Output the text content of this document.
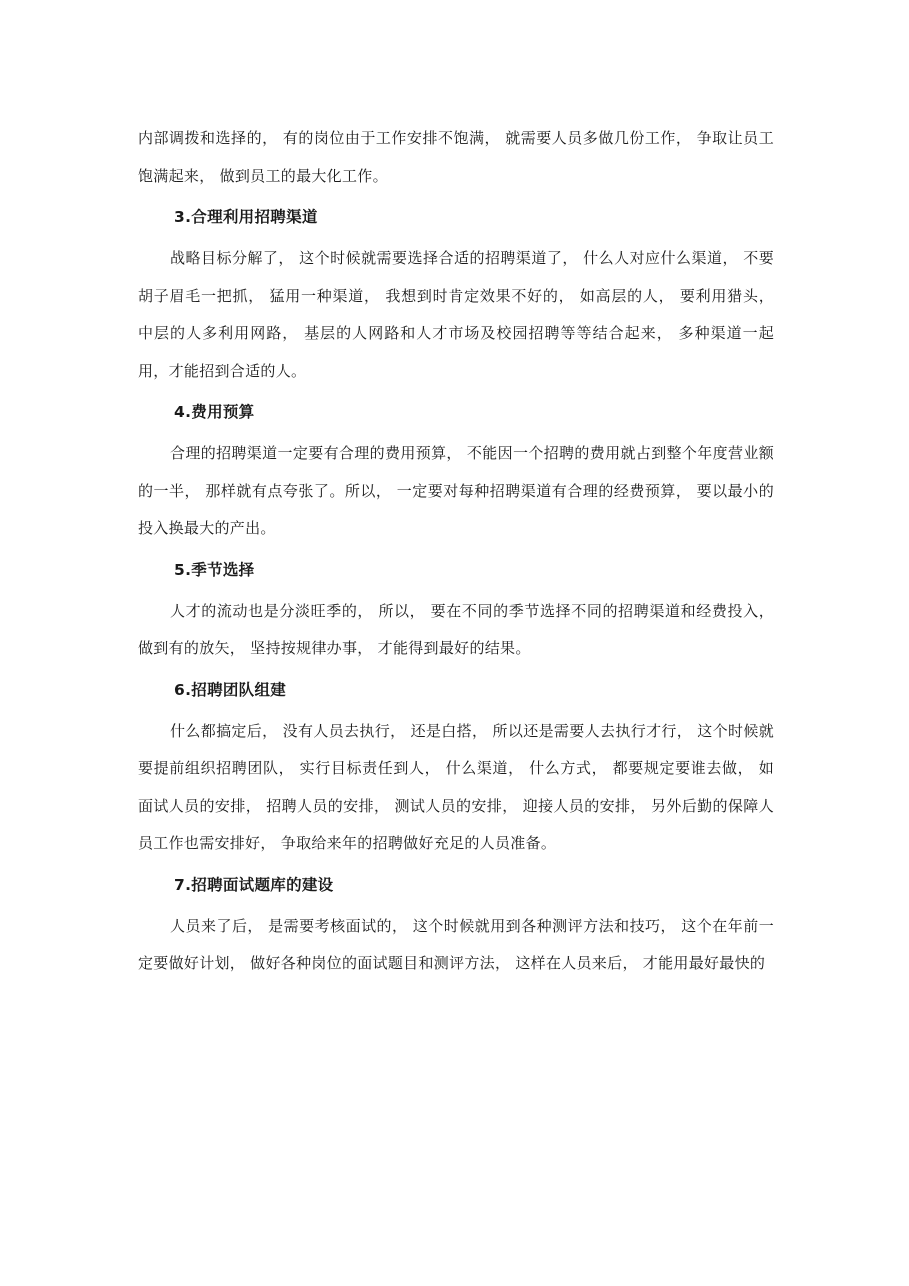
内部调拨和选择的， 有的岗位由于工作安排不饱满， 就需要人员多做几份工作， 争取让员工饱满起来， 做到员工的最大化工作。

3.合理利用招聘渠道

战略目标分解了， 这个时候就需要选择合适的招聘渠道了， 什么人对应什么渠道， 不要胡子眉毛一把抓， 猛用一种渠道， 我想到时肯定效果不好的， 如高层的人， 要利用猎头， 中层的人多利用网路， 基层的人网路和人才市场及校园招聘等等结合起来， 多种渠道一起用，才能招到合适的人。

4.费用预算

合理的招聘渠道一定要有合理的费用预算， 不能因一个招聘的费用就占到整个年度营业额的一半， 那样就有点夸张了。所以， 一定要对每种招聘渠道有合理的经费预算， 要以最小的投入换最大的产出。

5.季节选择

人才的流动也是分淡旺季的， 所以， 要在不同的季节选择不同的招聘渠道和经费投入，做到有的放矢， 坚持按规律办事， 才能得到最好的结果。

6.招聘团队组建

什么都搞定后， 没有人员去执行， 还是白搭， 所以还是需要人去执行才行， 这个时候就要提前组织招聘团队， 实行目标责任到人， 什么渠道， 什么方式， 都要规定要谁去做， 如面试人员的安排， 招聘人员的安排， 测试人员的安排， 迎接人员的安排， 另外后勤的保障人员工作也需安排好， 争取给来年的招聘做好充足的人员准备。

7.招聘面试题库的建设

人员来了后， 是需要考核面试的， 这个时候就用到各种测评方法和技巧， 这个在年前一定要做好计划， 做好各种岗位的面试题目和测评方法， 这样在人员来后， 才能用最好最快的
